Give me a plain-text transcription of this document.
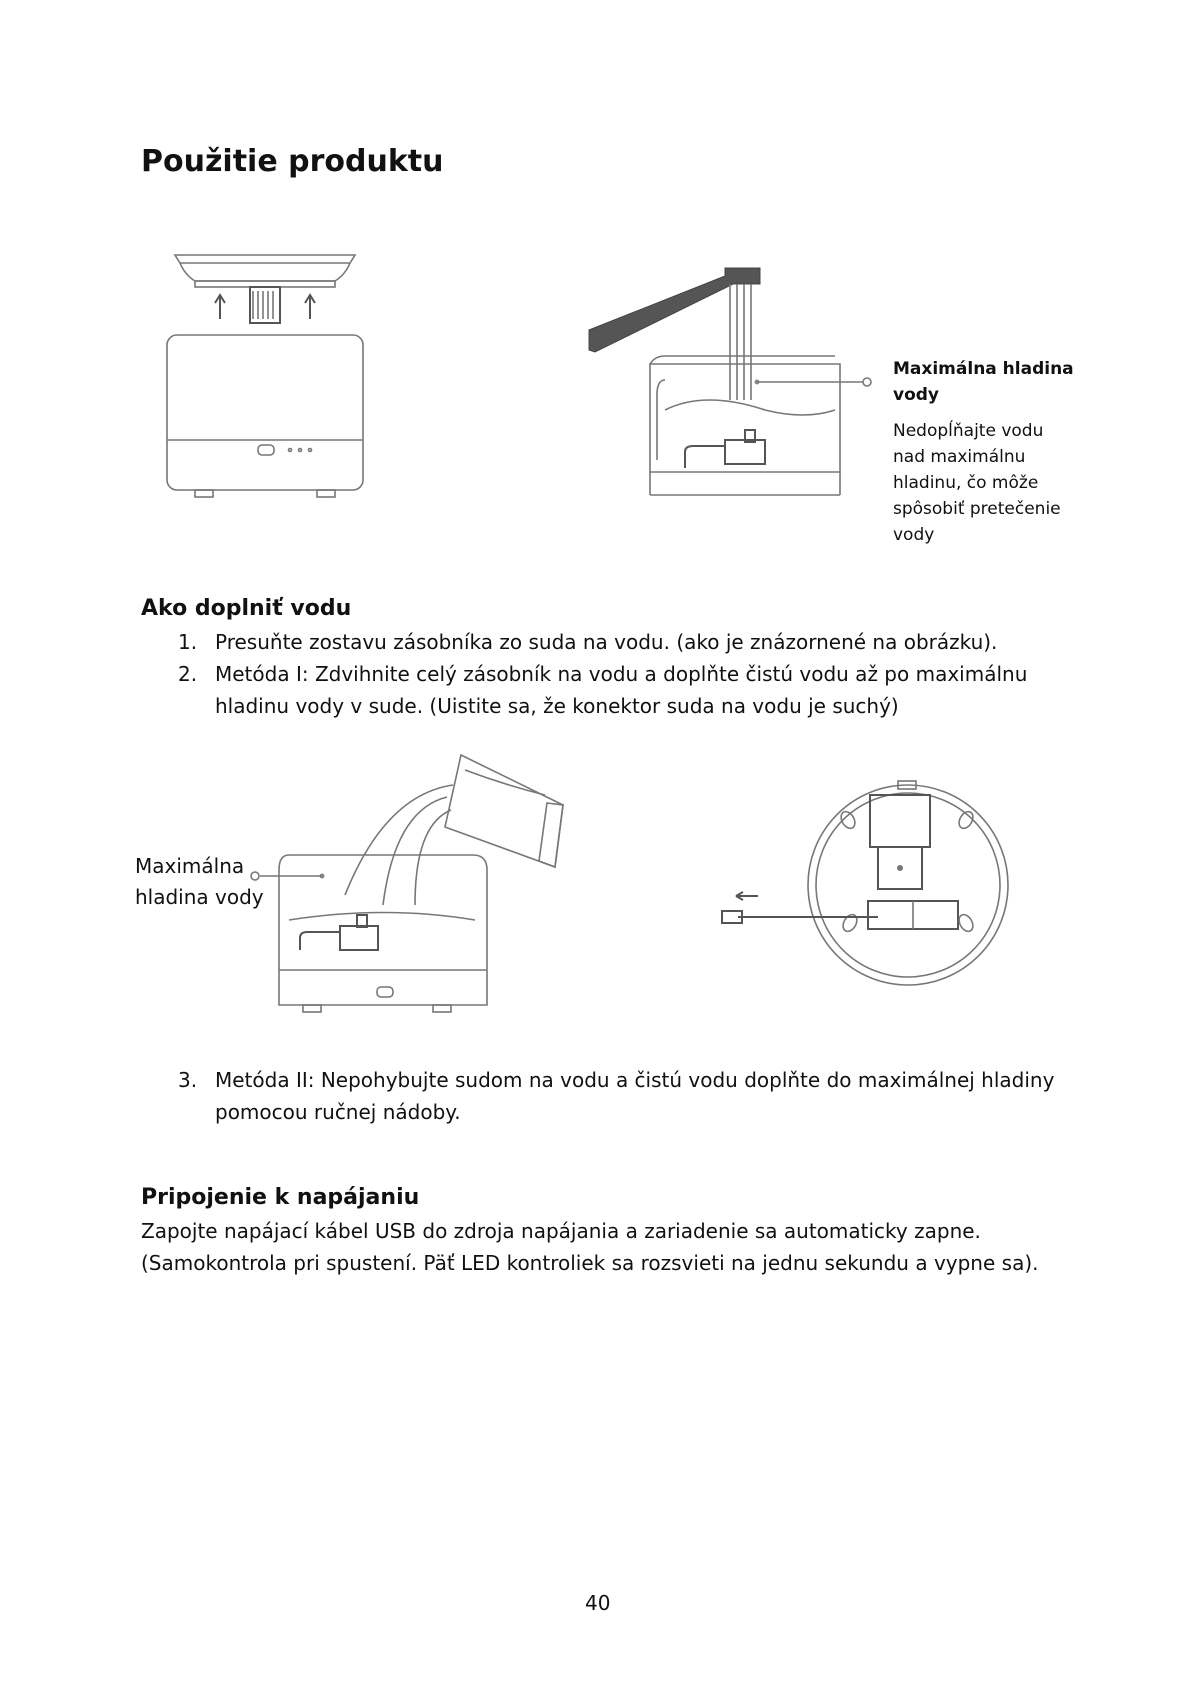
Použitie produktu
Maximálna hladina
vody
Nedopĺňajte vodu
nad maximálnu
hladinu, čo môže
spôsobiť pretečenie
vody
Ako doplniť vodu
1. Presuňte zostavu zásobníka zo suda na vodu. (ako je znázornené na obrázku).
2. Metóda I: Zdvihnite celý zásobník na vodu a doplňte čistú vodu až po maximálnu
hladinu vody v sude. (Uistite sa, že konektor suda na vodu je suchý)
Maximálna
hladina vody
3. Metóda II: Nepohybujte sudom na vodu a čistú vodu doplňte do maximálnej hladiny
pomocou ručnej nádoby.
Pripojenie k napájaniu
Zapojte napájací kábel USB do zdroja napájania a zariadenie sa automaticky zapne.
(Samokontrola pri spustení. Päť LED kontroliek sa rozsvieti na jednu sekundu a vypne sa).
40
